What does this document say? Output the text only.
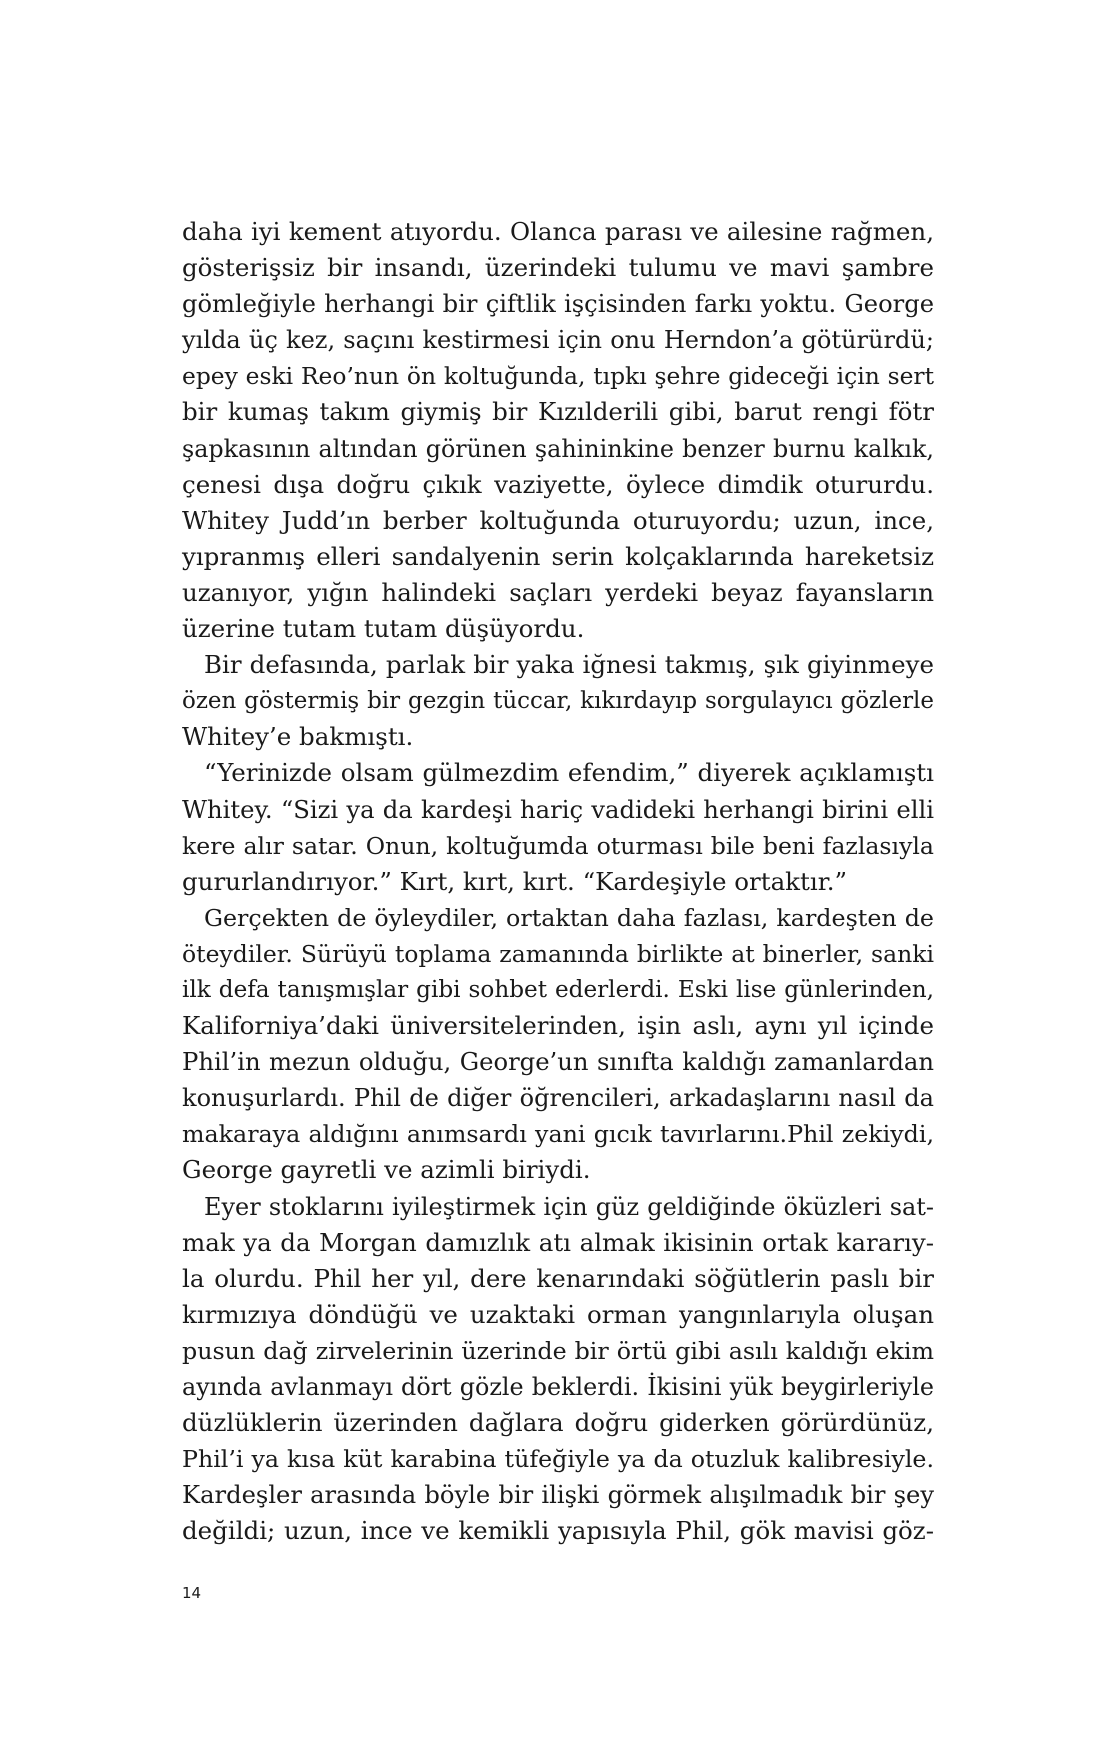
daha iyi kement atıyordu. Olanca parası ve ailesine rağmen,
gösterişsiz bir insandı, üzerindeki tulumu ve mavi şambre
gömleğiyle herhangi bir çiftlik işçisinden farkı yoktu. George
yılda üç kez, saçını kestirmesi için onu Herndon’a götürürdü;
epey eski Reo’nun ön koltuğunda, tıpkı şehre gideceği için sert
bir kumaş takım giymiş bir Kızılderili gibi, barut rengi fötr
şapkasının altından görünen şahininkine benzer burnu kalkık,
çenesi dışa doğru çıkık vaziyette, öylece dimdik otururdu.
Whitey Judd’ın berber koltuğunda oturuyordu; uzun, ince,
yıpranmış elleri sandalyenin serin kolçaklarında hareketsiz
uzanıyor, yığın halindeki saçları yerdeki beyaz fayansların
üzerine tutam tutam düşüyordu.

Bir defasında, parlak bir yaka iğnesi takmış, şık giyinmeye
özen göstermiş bir gezgin tüccar, kıkırdayıp sorgulayıcı gözlerle
Whitey’e bakmıştı.

“Yerinizde olsam gülmezdim efendim,” diyerek açıklamıştı
Whitey. “Sizi ya da kardeşi hariç vadideki herhangi birini elli
kere alır satar. Onun, koltuğumda oturması bile beni fazlasıyla
gururlandırıyor.” Kırt, kırt, kırt. “Kardeşiyle ortaktır.”

Gerçekten de öyleydiler, ortaktan daha fazlası, kardeşten de
öteydiler. Sürüyü toplama zamanında birlikte at binerler, sanki
ilk defa tanışmışlar gibi sohbet ederlerdi. Eski lise günlerinden,
Kaliforniya’daki üniversitelerinden, işin aslı, aynı yıl içinde
Phil’in mezun olduğu, George’un sınıfta kaldığı zamanlardan
konuşurlardı. Phil de diğer öğrencileri, arkadaşlarını nasıl da
makaraya aldığını anımsardı yani gıcık tavırlarını.Phil zekiydi,
George gayretli ve azimli biriydi.

Eyer stoklarını iyileştirmek için güz geldiğinde öküzleri sat-
mak ya da Morgan damızlık atı almak ikisinin ortak kararıy-
la olurdu. Phil her yıl, dere kenarındaki söğütlerin paslı bir
kırmızıya döndüğü ve uzaktaki orman yangınlarıyla oluşan
pusun dağ zirvelerinin üzerinde bir örtü gibi asılı kaldığı ekim
ayında avlanmayı dört gözle beklerdi. İkisini yük beygirleriyle
düzlüklerin üzerinden dağlara doğru giderken görürdünüz,
Phil’i ya kısa küt karabina tüfeğiyle ya da otuzluk kalibresiyle.
Kardeşler arasında böyle bir ilişki görmek alışılmadık bir şey
değildi; uzun, ince ve kemikli yapısıyla Phil, gök mavisi göz-

14
